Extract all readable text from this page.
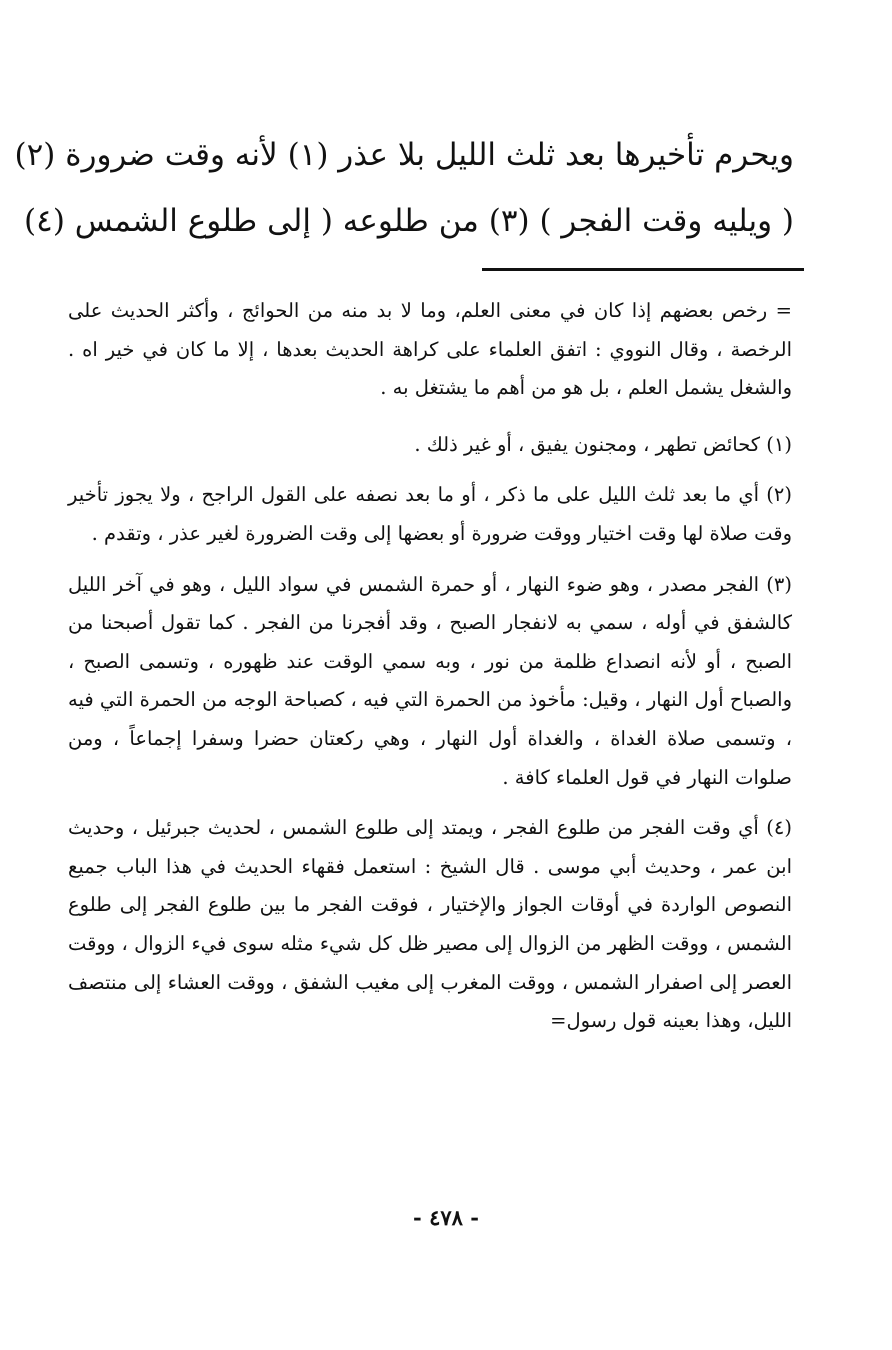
ويحرم تأخيرها بعد ثلث الليل بلا عذر (١) لأنه وقت ضرورة (٢)

( ويليه وقت الفجر ) (٣) من طلوعه ( إلى طلوع الشمس (٤)

= رخص بعضهم إذا كان في معنى العلم، وما لا بد منه من الحوائج ، وأكثر الحديث على الرخصة ، وقال النووي : اتفق العلماء على كراهة الحديث بعدها ، إلا ما كان في خير اه . والشغل يشمل العلم ، بل هو من أهم ما يشتغل به .

(١) كحائض تطهر ، ومجنون يفيق ، أو غير ذلك .

(٢) أي ما بعد ثلث الليل على ما ذكر ، أو ما بعد نصفه على القول الراجح ، ولا يجوز تأخير وقت صلاة لها وقت اختيار ووقت ضرورة أو بعضها إلى وقت الضرورة لغير عذر ، وتقدم .

(٣) الفجر مصدر ، وهو ضوء النهار ، أو حمرة الشمس في سواد الليل ، وهو في آخر الليل كالشفق في أوله ، سمي به لانفجار الصبح ، وقد أفجرنا من الفجر . كما تقول أصبحنا من الصبح ، أو لأنه انصداع ظلمة من نور ، وبه سمي الوقت عند ظهوره ، وتسمى الصبح ، والصباح أول النهار ، وقيل: مأخوذ من الحمرة التي فيه ، كصباحة الوجه من الحمرة التي فيه ، وتسمى صلاة الغداة ، والغداة أول النهار ، وهي ركعتان حضرا وسفرا إجماعاً ، ومن صلوات النهار في قول العلماء كافة .

(٤) أي وقت الفجر من طلوع الفجر ، ويمتد إلى طلوع الشمس ، لحديث جبرئيل ، وحديث ابن عمر ، وحديث أبي موسى . قال الشيخ : استعمل فقهاء الحديث في هذا الباب جميع النصوص الواردة في أوقات الجواز والإختيار ، فوقت الفجر ما بين طلوع الفجر إلى طلوع الشمس ، ووقت الظهر من الزوال إلى مصير ظل كل شيء مثله سوى فيء الزوال ، ووقت العصر إلى اصفرار الشمس ، ووقت المغرب إلى مغيب الشفق ، ووقت العشاء إلى منتصف الليل، وهذا بعينه قول رسول=

- ٤٧٨ -
